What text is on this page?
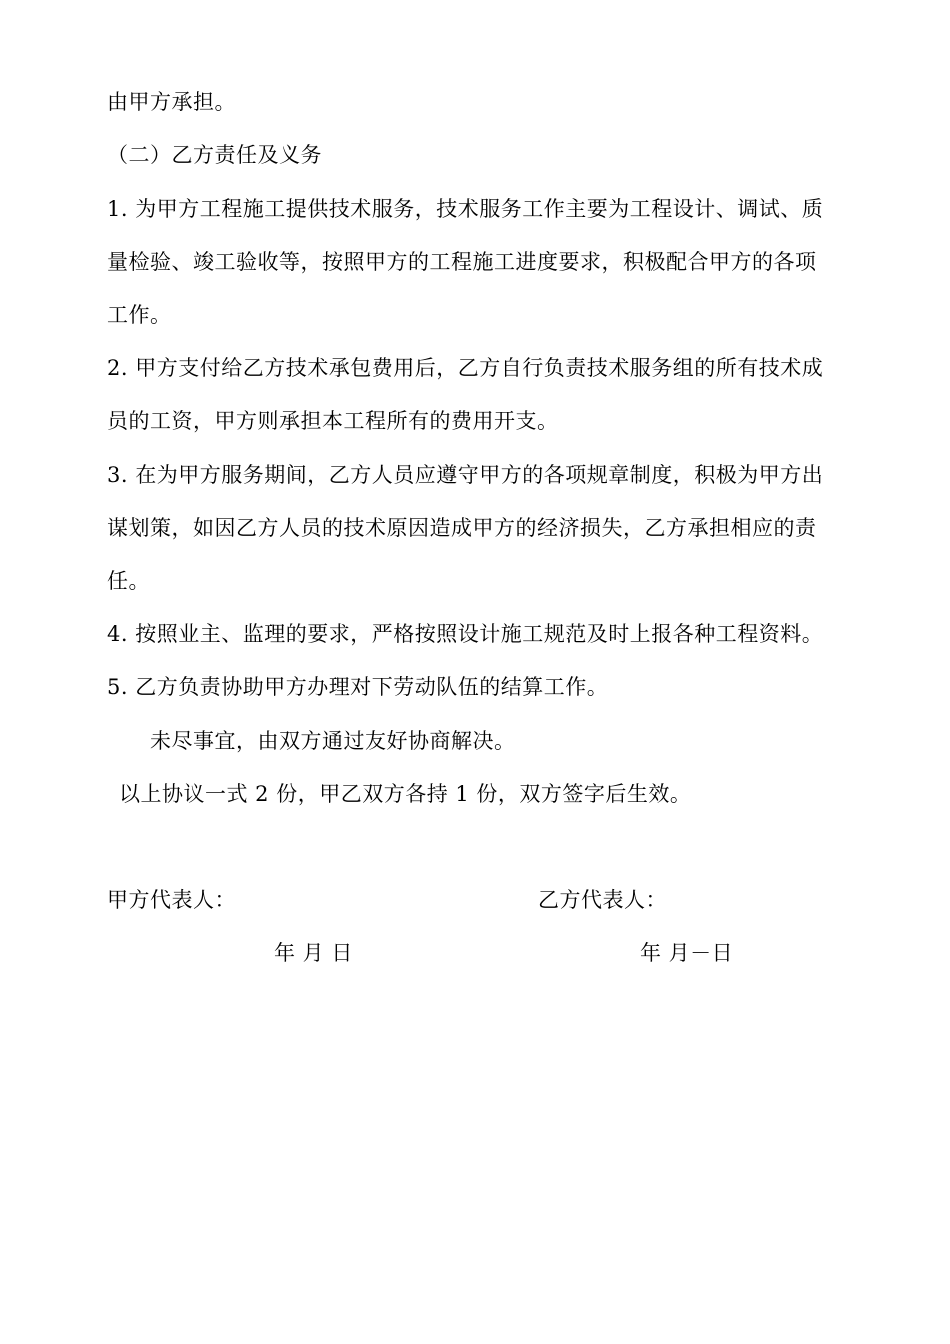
由甲方承担。
（二）乙方责任及义务
1. 为甲方工程施工提供技术服务，技术服务工作主要为工程设计、调试、质
量检验、竣工验收等，按照甲方的工程施工进度要求，积极配合甲方的各项
工作。
2. 甲方支付给乙方技术承包费用后，乙方自行负责技术服务组的所有技术成
员的工资，甲方则承担本工程所有的费用开支。
3. 在为甲方服务期间，乙方人员应遵守甲方的各项规章制度，积极为甲方出
谋划策，如因乙方人员的技术原因造成甲方的经济损失，乙方承担相应的责
任。
4. 按照业主、监理的要求，严格按照设计施工规范及时上报各种工程资料。
5. 乙方负责协助甲方办理对下劳动队伍的结算工作。
未尽事宜，由双方通过友好协商解决。
以上协议一式 2 份，甲乙双方各持 1 份，双方签字后生效。
甲方代表人：	乙方代表人：
年 月 日	年 月－日
